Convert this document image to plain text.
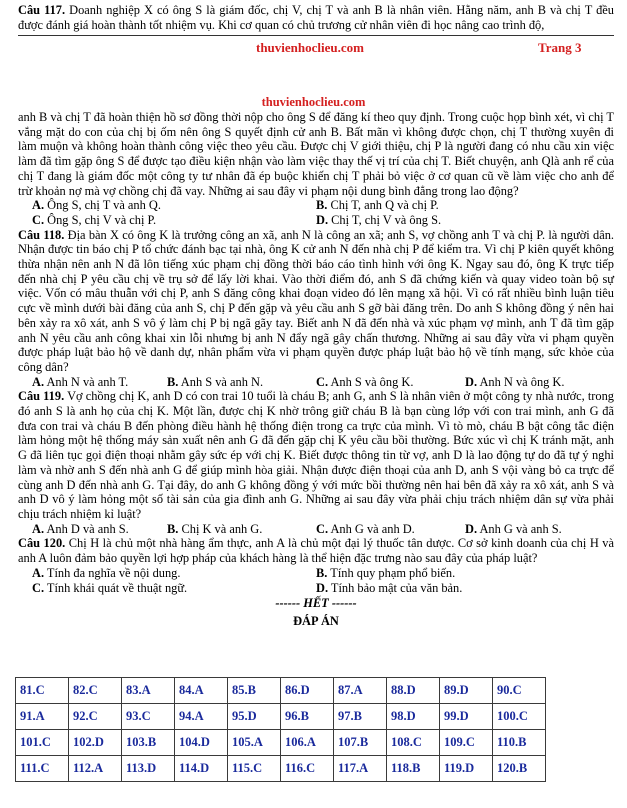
Câu 117. Doanh nghiệp X có ông S là giám đốc, chị V, chị T và anh B là nhân viên. Hằng năm, anh B và chị T đều được đánh giá hoàn thành tốt nhiệm vụ. Khi cơ quan có chủ trương cử nhân viên đi học nâng cao trình độ,
thuvienhoclieu.com	Trang 3
thuvienhoclieu.com

anh B và chị T đã hoàn thiện hồ sơ đồng thời nộp cho ông S để đăng kí theo quy định. Trong cuộc họp bình xét, vì chị T vắng mặt do con của chị bị ốm nên ông S quyết định cử anh B. Bất mãn vì không được chọn, chị T thường xuyên đi làm muộn và không hoàn thành công việc theo yêu cầu. Được chị V giới thiệu, chị P là người đang có nhu cầu xin việc làm đã tìm gặp ông S để được tạo điều kiện nhận vào làm việc thay thế vị trí của chị T. Biết chuyện, anh Qlà anh rể của chị T đang là giám đốc một công ty tư nhân đã ép buộc khiến chị T phải bỏ việc ở cơ quan cũ về làm việc cho anh để trừ khoản nợ mà vợ chồng chị đã vay. Những ai sau đây vi phạm nội dung bình đẳng trong lao động?

A. Ông S, chị T và anh Q.	B. Chị T, anh Q và chị P.
C. Ông S, chị V và chị P.	D. Chị T, chị V và ông S.

Câu 118. Địa bàn X có ông K là trưởng công an xã, anh N là công an xã; anh S, vợ chồng anh T và chị P. là người dân. Nhận được tin báo chị P tổ chức đánh bạc tại nhà, ông K cử anh N đến nhà chị P để kiểm tra. Vì chị P kiên quyết không thừa nhận nên anh N đã lôn tiếng xúc phạm chị đồng thời báo cáo tình hình với ông K. Ngay sau đó, ông K trực tiếp đến nhà chị P yêu cầu chị về trụ sở để lấy lời khai. Vào thời điểm đó, anh S đã chứng kiến và quay video toàn bộ sự việc. Vốn có mâu thuẫn với chị P, anh S đăng công khai đoạn video đó lên mạng xã hội. Vì có rất nhiều bình luận tiêu cực về mình dưới bài đăng của anh S, chị P đến gặp và yêu cầu anh S gỡ bài đăng trên. Do anh S không đồng ý nên hai bên xảy ra xô xát, anh S vô ý làm chị P bị ngã gãy tay. Biết anh N đã đến nhà và xúc phạm vợ mình, anh T đã tìm gặp anh N yêu cầu anh công khai xin lỗi nhưng bị anh N đẩy ngã gây chấn thương. Những ai sau đây vừa vi phạm quyền được pháp luật bảo hộ về danh dự, nhân phẩm vừa vi phạm quyền được pháp luật bảo hộ về tính mạng, sức khỏe của công dân?

A. Anh N và anh T.	B. Anh S và anh N.	C. Anh S và ông K.	D. Anh N và ông K.

Câu 119. Vợ chồng chị K, anh D có con trai 10 tuổi là cháu B; anh G, anh S là nhân viên ở một công ty nhà nước, trong đó anh S là anh họ của chị K. Một lần, được chị K nhờ trông giữ cháu B là bạn cùng lớp với con trai mình, anh G đã đưa con trai và cháu B đến phòng điều hành hệ thống điện trong ca trực của mình. Vì tò mò, cháu B bật công tắc điện làm hỏng một hệ thống máy sản xuất nên anh G đã đến gặp chị K yêu cầu bồi thường. Bức xúc vì chị K tránh mặt, anh G đã liên tục gọi điện thoại nhằm gây sức ép với chị K. Biết được thông tin từ vợ, anh D là lao động tự do đã tự ý nghỉ làm và nhờ anh S đến nhà anh G để giúp mình hòa giải. Nhận được điện thoại của anh D, anh S vội vàng bỏ ca trực để cùng anh D đến nhà anh G. Tại đây, do anh G không đồng ý với mức bồi thường nên hai bên đã xảy ra xô xát, anh S và anh D vô ý làm hỏng một số tài sản của gia đình anh G. Những ai sau đây vừa phải chịu trách nhiệm dân sự vừa phải chịu trách nhiệm kỉ luật?

A. Anh D và anh S.	B. Chị K và anh G.	C. Anh G và anh D.	D. Anh G và anh S.

Câu 120. Chị H là chủ một nhà hàng ẩm thực, anh A là chủ một đại lý thuốc tân dược. Cơ sở kinh doanh của chị H và anh A luôn đảm bảo quyền lợi hợp pháp của khách hàng là thể hiện đặc trưng nào sau đây của pháp luật?

A. Tính đa nghĩa về nội dung.	B. Tính quy phạm phổ biến.
C. Tính khái quát về thuật ngữ.	D. Tính bảo mật của văn bản.
------ HẾT ------
ĐÁP ÁN
81.C	82.C	83.A	84.A	85.B	86.D	87.A	88.D	89.D	90.C
91.A	92.C	93.C	94.A	95.D	96.B	97.B	98.D	99.D	100.C
101.C	102.D	103.B	104.D	105.A	106.A	107.B	108.C	109.C	110.B
111.C	112.A	113.D	114.D	115.C	116.C	117.A	118.B	119.D	120.B
